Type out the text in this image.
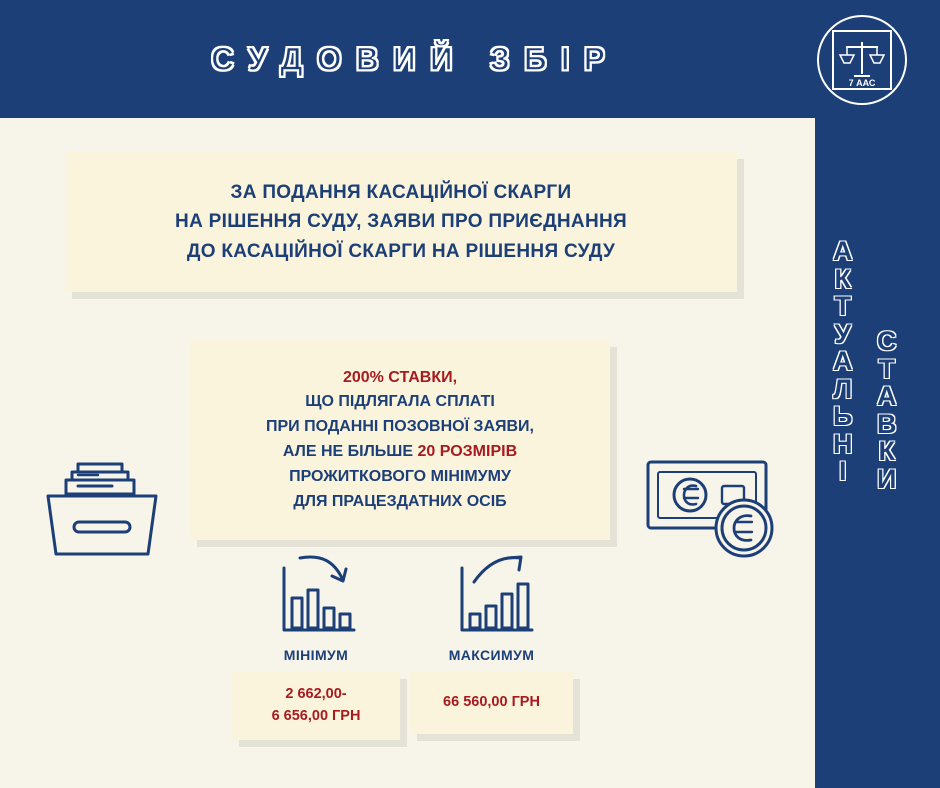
СУДОВИЙ ЗБІР
7 ААС
А
К
Т
У
А
Л
Ь
Н
І
С
Т
А
В
К
И
ЗА ПОДАННЯ КАСАЦІЙНОЇ СКАРГИ
НА РІШЕННЯ СУДУ, ЗАЯВИ ПРО ПРИЄДНАННЯ
ДО КАСАЦІЙНОЇ СКАРГИ НА РІШЕННЯ СУДУ
200% СТАВКИ,
ЩО ПІДЛЯГАЛА СПЛАТІ
ПРИ ПОДАННІ ПОЗОВНОЇ ЗАЯВИ,
АЛЕ НЕ БІЛЬШЕ 20 РОЗМІРІВ
ПРОЖИТКОВОГО МІНІМУМУ
ДЛЯ ПРАЦЕЗДАТНИХ ОСІБ
МІНІМУМ	МАКСИМУМ
2 662,00-
6 656,00 ГРН
66 560,00 ГРН
